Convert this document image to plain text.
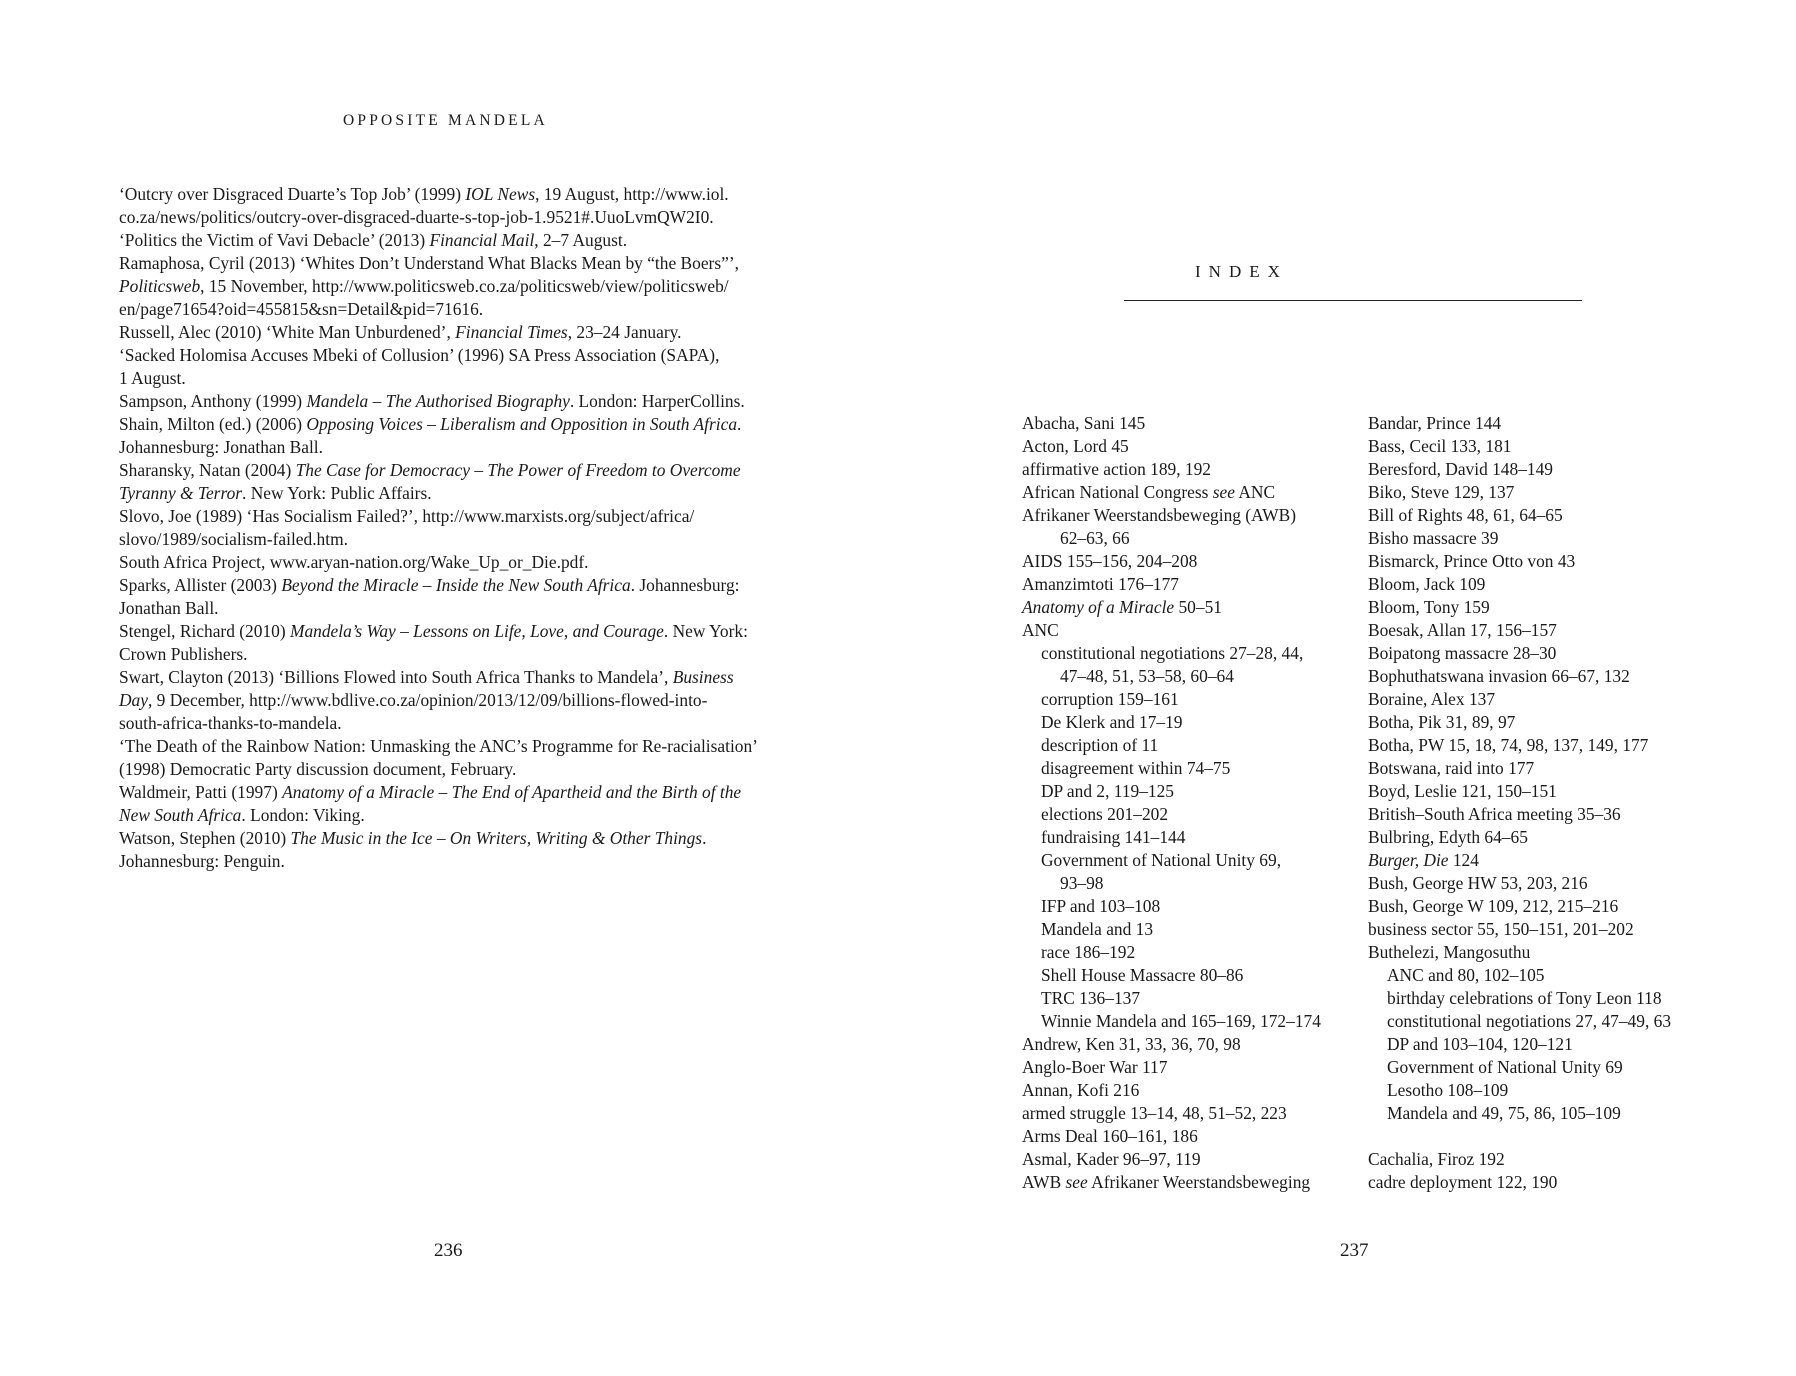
OPPOSITE MANDELA
‘Outcry over Disgraced Duarte’s Top Job’ (1999) IOL News, 19 August, http://www.iol.
co.za/news/politics/outcry-over-disgraced-duarte-s-top-job-1.9521#.UuoLvmQW2I0.
‘Politics the Victim of Vavi Debacle’ (2013) Financial Mail, 2–7 August.
Ramaphosa, Cyril (2013) ‘Whites Don’t Understand What Blacks Mean by “the Boers”’,
Politicsweb, 15 November, http://www.politicsweb.co.za/politicsweb/view/politicsweb/
en/page71654?oid=455815&sn=Detail&pid=71616.
Russell, Alec (2010) ‘White Man Unburdened’, Financial Times, 23–24 January.
‘Sacked Holomisa Accuses Mbeki of Collusion’ (1996) SA Press Association (SAPA),
1 August.
Sampson, Anthony (1999) Mandela – The Authorised Biography. London: HarperCollins.
Shain, Milton (ed.) (2006) Opposing Voices – Liberalism and Opposition in South Africa.
Johannesburg: Jonathan Ball.
Sharansky, Natan (2004) The Case for Democracy – The Power of Freedom to Overcome
Tyranny & Terror. New York: Public Affairs.
Slovo, Joe (1989) ‘Has Socialism Failed?’, http://www.marxists.org/subject/africa/
slovo/1989/socialism-failed.htm.
South Africa Project, www.aryan-nation.org/Wake_Up_or_Die.pdf.
Sparks, Allister (2003) Beyond the Miracle – Inside the New South Africa. Johannesburg:
Jonathan Ball.
Stengel, Richard (2010) Mandela’s Way – Lessons on Life, Love, and Courage. New York:
Crown Publishers.
Swart, Clayton (2013) ‘Billions Flowed into South Africa Thanks to Mandela’, Business
Day, 9 December, http://www.bdlive.co.za/opinion/2013/12/09/billions-flowed-into-
south-africa-thanks-to-mandela.
‘The Death of the Rainbow Nation: Unmasking the ANC’s Programme for Re-racialisation’
(1998) Democratic Party discussion document, February.
Waldmeir, Patti (1997) Anatomy of a Miracle – The End of Apartheid and the Birth of the
New South Africa. London: Viking.
Watson, Stephen (2010) The Music in the Ice – On Writers, Writing & Other Things.
Johannesburg: Penguin.
236
INDEX
Abacha, Sani 145
Acton, Lord 45
affirmative action 189, 192
African National Congress see ANC
Afrikaner Weerstandsbeweging (AWB)
62–63, 66
AIDS 155–156, 204–208
Amanzimtoti 176–177
Anatomy of a Miracle 50–51
ANC
constitutional negotiations 27–28, 44,
47–48, 51, 53–58, 60–64
corruption 159–161
De Klerk and 17–19
description of 11
disagreement within 74–75
DP and 2, 119–125
elections 201–202
fundraising 141–144
Government of National Unity 69,
93–98
IFP and 103–108
Mandela and 13
race 186–192
Shell House Massacre 80–86
TRC 136–137
Winnie Mandela and 165–169, 172–174
Andrew, Ken 31, 33, 36, 70, 98
Anglo-Boer War 117
Annan, Kofi 216
armed struggle 13–14, 48, 51–52, 223
Arms Deal 160–161, 186
Asmal, Kader 96–97, 119
AWB see Afrikaner Weerstandsbeweging
Bandar, Prince 144
Bass, Cecil 133, 181
Beresford, David 148–149
Biko, Steve 129, 137
Bill of Rights 48, 61, 64–65
Bisho massacre 39
Bismarck, Prince Otto von 43
Bloom, Jack 109
Bloom, Tony 159
Boesak, Allan 17, 156–157
Boipatong massacre 28–30
Bophuthatswana invasion 66–67, 132
Boraine, Alex 137
Botha, Pik 31, 89, 97
Botha, PW 15, 18, 74, 98, 137, 149, 177
Botswana, raid into 177
Boyd, Leslie 121, 150–151
British–South Africa meeting 35–36
Bulbring, Edyth 64–65
Burger, Die 124
Bush, George HW 53, 203, 216
Bush, George W 109, 212, 215–216
business sector 55, 150–151, 201–202
Buthelezi, Mangosuthu
ANC and 80, 102–105
birthday celebrations of Tony Leon 118
constitutional negotiations 27, 47–49, 63
DP and 103–104, 120–121
Government of National Unity 69
Lesotho 108–109
Mandela and 49, 75, 86, 105–109
Cachalia, Firoz 192
cadre deployment 122, 190
237
